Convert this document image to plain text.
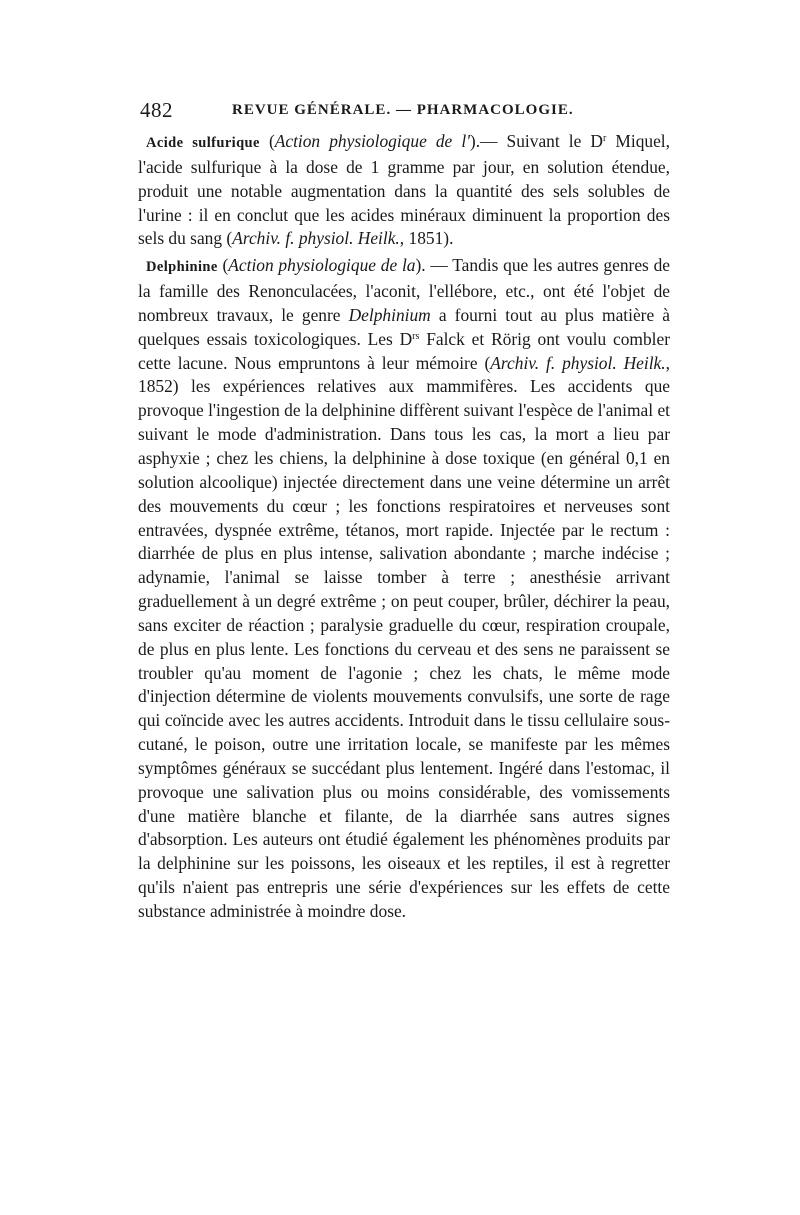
482	REVUE GÉNÉRALE. — PHARMACOLOGIE.

Acide sulfurique (Action physiologique de l').— Suivant le $D^r$ Miquel, l'acide sulfurique à la dose de 1 gramme par jour, en solution étendue, produit une notable augmentation dans la quantité des sels solubles de l'urine : il en conclut que les acides minéraux diminuent la proportion des sels du sang (Archiv. f. physiol. Heilk., 1851).

Delphinine (Action physiologique de la). — Tandis que les autres genres de la famille des Renonculacées, l'aconit, l'ellébore, etc., ont été l'objet de nombreux travaux, le genre Delphinium a fourni tout au plus matière à quelques essais toxicologiques. Les $D^{rs}$ Falck et Rörig ont voulu combler cette lacune. Nous empruntons à leur mémoire (Archiv. f. physiol. Heilk., 1852) les expériences relatives aux mammifères. Les accidents que provoque l'ingestion de la delphinine diffèrent suivant l'espèce de l'animal et suivant le mode d'administration. Dans tous les cas, la mort a lieu par asphyxie ; chez les chiens, la delphinine à dose toxique (en général 0,1 en solution alcoolique) injectée directement dans une veine détermine un arrêt des mouvements du cœur ; les fonctions respiratoires et nerveuses sont entravées, dyspnée extrême, tétanos, mort rapide. Injectée par le rectum : diarrhée de plus en plus intense, salivation abondante ; marche indécise ; adynamie, l'animal se laisse tomber à terre ; anesthésie arrivant graduellement à un degré extrême ; on peut couper, brûler, déchirer la peau, sans exciter de réaction ; paralysie graduelle du cœur, respiration croupale, de plus en plus lente. Les fonctions du cerveau et des sens ne paraissent se troubler qu'au moment de l'agonie ; chez les chats, le même mode d'injection détermine de violents mouvements convulsifs, une sorte de rage qui coïncide avec les autres accidents. Introduit dans le tissu cellulaire sous-cutané, le poison, outre une irritation locale, se manifeste par les mêmes symptômes généraux se succédant plus lentement. Ingéré dans l'estomac, il provoque une salivation plus ou moins considérable, des vomissements d'une matière blanche et filante, de la diarrhée sans autres signes d'absorption. Les auteurs ont étudié également les phénomènes produits par la delphinine sur les poissons, les oiseaux et les reptiles, il est à regretter qu'ils n'aient pas entrepris une série d'expériences sur les effets de cette substance administrée à moindre dose.
